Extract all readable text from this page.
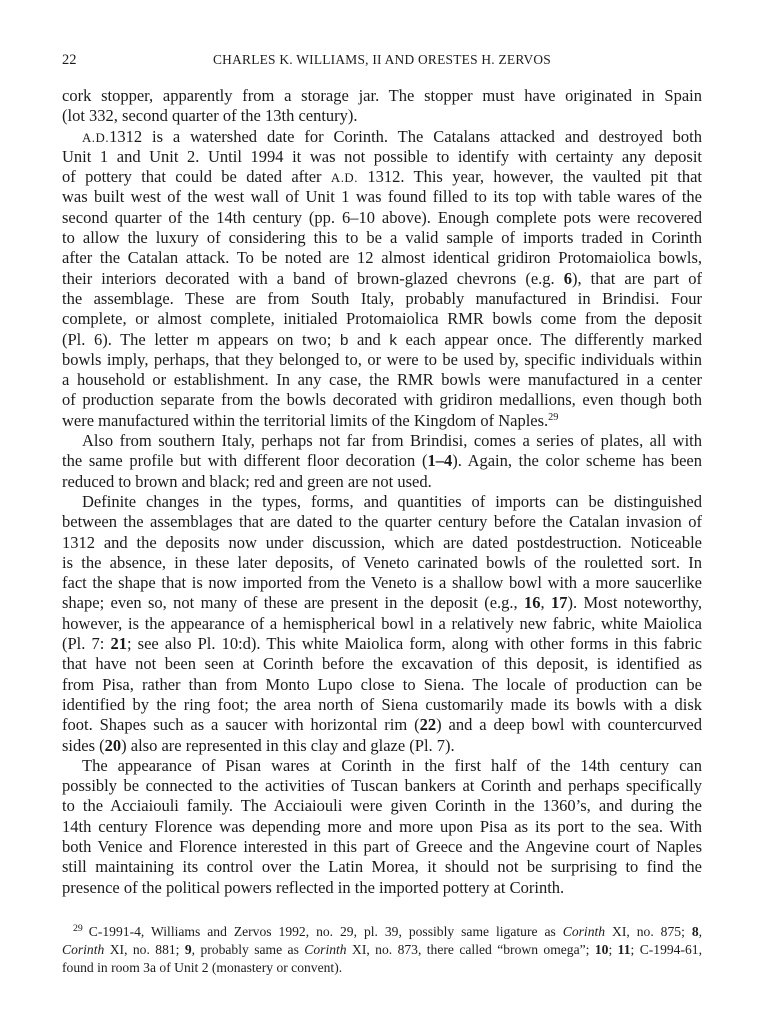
22	CHARLES K. WILLIAMS, II AND ORESTES H. ZERVOS
cork stopper, apparently from a storage jar. The stopper must have originated in Spain
(lot 332, second quarter of the 13th century).
A.D.1312 is a watershed date for Corinth. The Catalans attacked and destroyed both
Unit 1 and Unit 2. Until 1994 it was not possible to identify with certainty any deposit
of pottery that could be dated after A.D. 1312. This year, however, the vaulted pit that
was built west of the west wall of Unit 1 was found filled to its top with table wares of the
second quarter of the 14th century (pp. 6–10 above). Enough complete pots were recovered
to allow the luxury of considering this to be a valid sample of imports traded in Corinth
after the Catalan attack. To be noted are 12 almost identical gridiron Protomaiolica bowls,
their interiors decorated with a band of brown-glazed chevrons (e.g. 6), that are part of
the assemblage. These are from South Italy, probably manufactured in Brindisi. Four
complete, or almost complete, initialed Protomaiolica RMR bowls come from the deposit
(Pl. 6). The letter m appears on two; b and k each appear once. The differently marked
bowls imply, perhaps, that they belonged to, or were to be used by, specific individuals within
a household or establishment. In any case, the RMR bowls were manufactured in a center
of production separate from the bowls decorated with gridiron medallions, even though both
were manufactured within the territorial limits of the Kingdom of Naples.$^{29}$
Also from southern Italy, perhaps not far from Brindisi, comes a series of plates, all with
the same profile but with different floor decoration (1–4). Again, the color scheme has been
reduced to brown and black; red and green are not used.
Definite changes in the types, forms, and quantities of imports can be distinguished
between the assemblages that are dated to the quarter century before the Catalan invasion of
1312 and the deposits now under discussion, which are dated postdestruction. Noticeable
is the absence, in these later deposits, of Veneto carinated bowls of the rouletted sort. In
fact the shape that is now imported from the Veneto is a shallow bowl with a more saucerlike
shape; even so, not many of these are present in the deposit (e.g., 16, 17). Most noteworthy,
however, is the appearance of a hemispherical bowl in a relatively new fabric, white Maiolica
(Pl. 7: 21; see also Pl. 10:d). This white Maiolica form, along with other forms in this fabric
that have not been seen at Corinth before the excavation of this deposit, is identified as
from Pisa, rather than from Monto Lupo close to Siena. The locale of production can be
identified by the ring foot; the area north of Siena customarily made its bowls with a disk
foot. Shapes such as a saucer with horizontal rim (22) and a deep bowl with countercurved
sides (20) also are represented in this clay and glaze (Pl. 7).
The appearance of Pisan wares at Corinth in the first half of the 14th century can
possibly be connected to the activities of Tuscan bankers at Corinth and perhaps specifically
to the Acciaiouli family. The Acciaiouli were given Corinth in the 1360’s, and during the
14th century Florence was depending more and more upon Pisa as its port to the sea. With
both Venice and Florence interested in this part of Greece and the Angevine court of Naples
still maintaining its control over the Latin Morea, it should not be surprising to find the
presence of the political powers reflected in the imported pottery at Corinth.
$^{29}$ C-1991-4, Williams and Zervos 1992, no. 29, pl. 39, possibly same ligature as Corinth XI, no. 875; 8,
Corinth XI, no. 881; 9, probably same as Corinth XI, no. 873, there called “brown omega”; 10; 11; C-1994-61,
found in room 3a of Unit 2 (monastery or convent).
